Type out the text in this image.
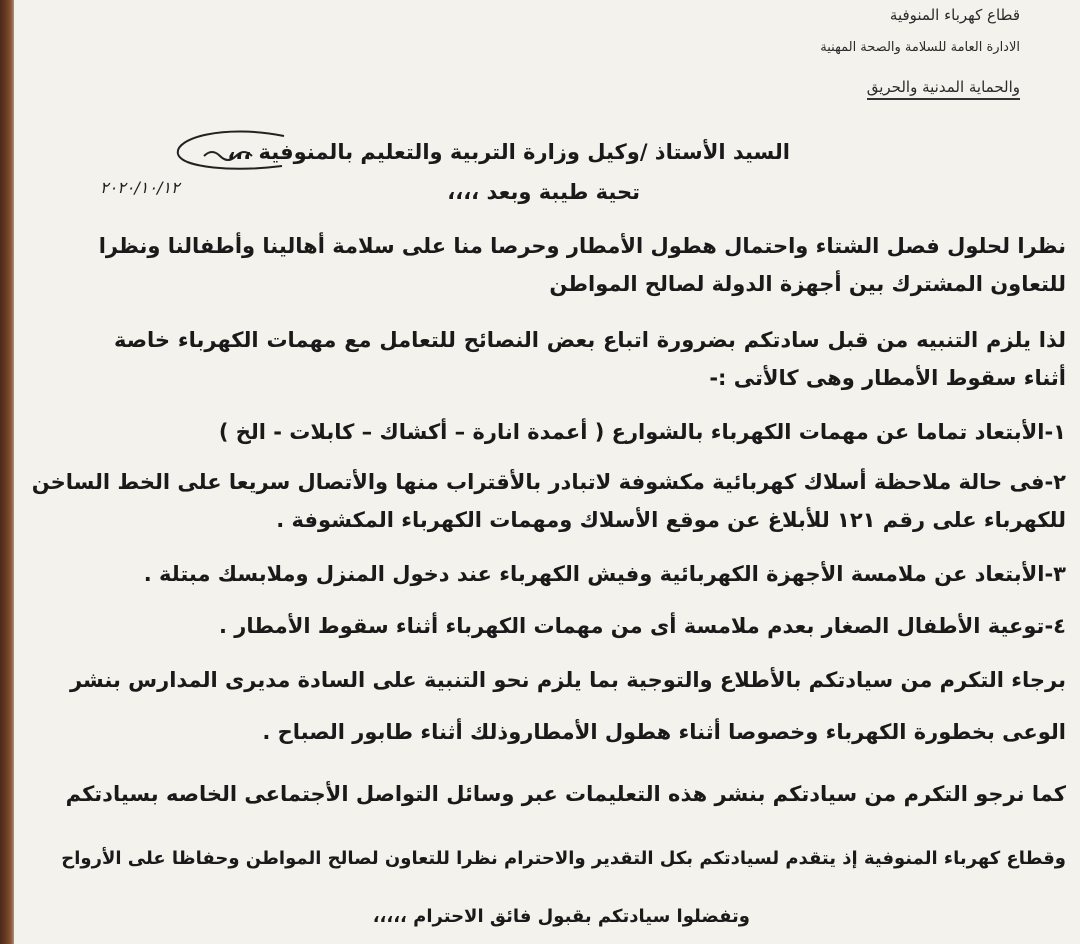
قطاع كهرباء المنوفية
الادارة العامة للسلامة والصحة المهنية
والحماية المدنية والحريق
٢٠٢٠/١٠/١٢
السيد الأستاذ /وكيل وزارة التربية والتعليم بالمنوفية ،،،
تحية طيبة وبعد ،،،،
نظرا لحلول فصل الشتاء واحتمال هطول الأمطار وحرصا منا على سلامة أهالينا وأطفالنا ونظرا
للتعاون المشترك بين أجهزة الدولة لصالح المواطن
لذا يلزم التنبيه من قبل سادتكم بضرورة اتباع بعض النصائح للتعامل مع مهمات الكهرباء خاصة
أثناء سقوط الأمطار وهى كالأتى :-
١-الأبتعاد تماما عن مهمات الكهرباء بالشوارع ( أعمدة انارة – أكشاك – كابلات - الخ )
٢-فى حالة ملاحظة أسلاك كهربائية مكشوفة لاتبادر بالأقتراب منها والأتصال سريعا على الخط الساخن
للكهرباء على رقم ١٢١ للأبلاغ عن موقع الأسلاك ومهمات الكهرباء المكشوفة .
٣-الأبتعاد عن ملامسة الأجهزة الكهربائية وفيش الكهرباء عند دخول المنزل وملابسك مبتلة .
٤-توعية الأطفال الصغار بعدم ملامسة أى من مهمات الكهرباء أثناء سقوط الأمطار .
برجاء التكرم من سيادتكم بالأطلاع والتوجية بما يلزم نحو التنبية على السادة مديرى المدارس بنشر
الوعى بخطورة الكهرباء وخصوصا أثناء هطول الأمطاروذلك أثناء طابور الصباح .
كما نرجو التكرم من سيادتكم بنشر هذه التعليمات عبر وسائل التواصل الأجتماعى الخاصه بسيادتكم
وقطاع كهرباء المنوفية إذ يتقدم لسيادتكم بكل التقدير والاحترام نظرا للتعاون لصالح المواطن وحفاظا على الأرواح
وتفضلوا سيادتكم بقبول فائق الاحترام ،،،،،
